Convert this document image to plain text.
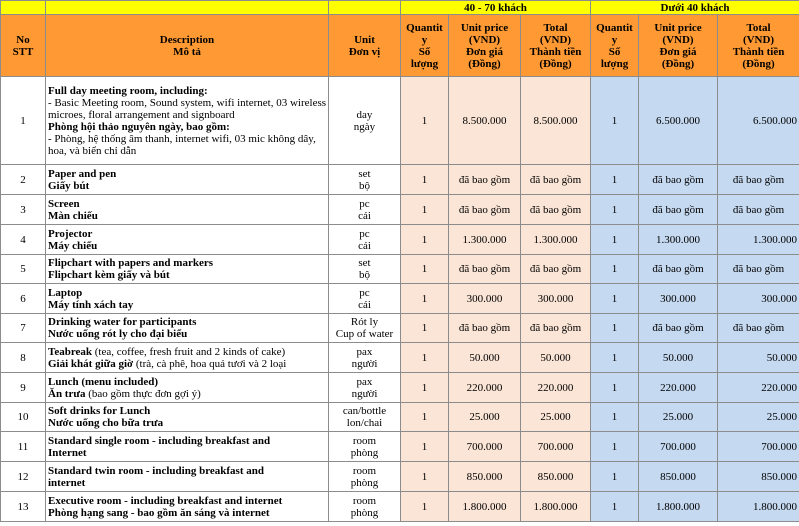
			40 - 70 khách			Dưới 40 khách		

No
STT	Description
Mô tả	Unit
Đơn vị	Quantit
y
Số
lượng	Unit price
(VND)
Đơn giá
(Đồng)	Total
(VND)
Thành tiền
(Đồng)	Quantit
y
Số
lượng	Unit price
(VND)
Đơn giá
(Đồng)	Total
(VND)
Thành tiền
(Đồng)

1	Full day meeting room, including:
- Basic Meeting room, Sound system, wifi internet, 03 wireless microes, floral arrangement and signboard
Phòng hội thảo nguyên ngày, bao gồm:
- Phòng, hệ thống âm thanh, internet wifi, 03 mic không dây, hoa, và biển chỉ dẫn	day
ngày	1	8.500.000	8.500.000	1	6.500.000	6.500.000
2	Paper and pen
Giấy bút	set
bộ	1	đã bao gồm	đã bao gồm	1	đã bao gồm	đã bao gồm
3	Screen
Màn chiếu	pc
cái	1	đã bao gồm	đã bao gồm	1	đã bao gồm	đã bao gồm
4	Projector
Máy chiếu	pc
cái	1	1.300.000	1.300.000	1	1.300.000	1.300.000
5	Flipchart with papers and markers
Flipchart kèm giấy và bút	set
bộ	1	đã bao gồm	đã bao gồm	1	đã bao gồm	đã bao gồm
6	Laptop
Máy tính xách tay	pc
cái	1	300.000	300.000	1	300.000	300.000
7	Drinking water for participants
Nước uống rót ly cho đại biểu	Rót ly
Cup of water	1	đã bao gồm	đã bao gồm	1	đã bao gồm	đã bao gồm
8	Teabreak (tea, coffee, fresh fruit and 2 kinds of cake)
Giải khát giữa giờ (trà, cà phê, hoa quả tươi và 2 loại	pax
người	1	50.000	50.000	1	50.000	50.000
9	Lunch (menu included)
Ăn trưa (bao gồm thực đơn gợi ý)	pax
người	1	220.000	220.000	1	220.000	220.000
10	Soft drinks for Lunch
Nước uống cho bữa trưa	can/bottle
lon/chai	1	25.000	25.000	1	25.000	25.000
11	Standard single room - including breakfast and
Internet	room
phòng	1	700.000	700.000	1	700.000	700.000
12	Standard twin room - including breakfast and
internet	room
phòng	1	850.000	850.000	1	850.000	850.000
13	Executive room - including breakfast and internet
Phòng hạng sang - bao gồm ăn sáng và internet	room
phòng	1	1.800.000	1.800.000	1	1.800.000	1.800.000
